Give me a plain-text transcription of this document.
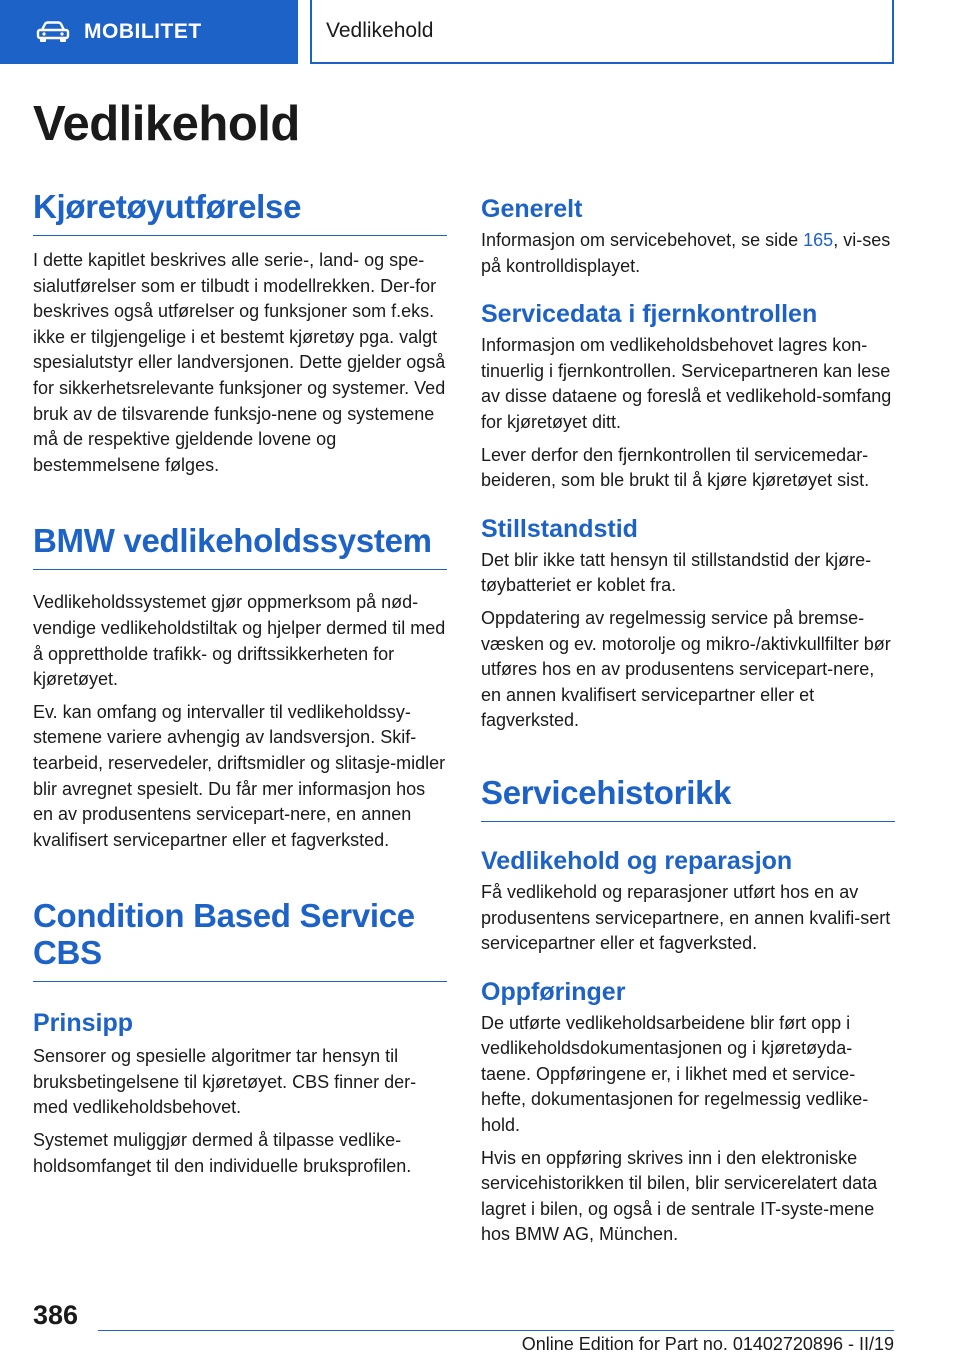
MOBILITET	Vedlikehold
Vedlikehold
Kjøretøyutførelse

I dette kapitlet beskrives alle serie-, land- og spe-sialutførelser som er tilbudt i modellrekken. Der-for beskrives også utførelser og funksjoner som f.eks. ikke er tilgjengelige i et bestemt kjøretøy pga. valgt spesialutstyr eller landversjonen. Dette gjelder også for sikkerhetsrelevante funksjoner og systemer. Ved bruk av de tilsvarende funksjo-nene og systemene må de respektive gjeldende lovene og bestemmelsene følges.

BMW vedlikeholdssystem

Vedlikeholdssystemet gjør oppmerksom på nød-vendige vedlikeholdstiltak og hjelper dermed til med å opprettholde trafikk- og driftssikkerheten for kjøretøyet.

Ev. kan omfang og intervaller til vedlikeholdssy-stemene variere avhengig av landsversjon. Skif-tearbeid, reservedeler, driftsmidler og slitasje-midler blir avregnet spesielt. Du får mer informasjon hos en av produsentens servicepart-nere, en annen kvalifisert servicepartner eller et fagverksted.

Condition Based Service CBS
Prinsipp

Sensorer og spesielle algoritmer tar hensyn til bruksbetingelsene til kjøretøyet. CBS finner der-med vedlikeholdsbehovet.

Systemet muliggjør dermed å tilpasse vedlike-holdsomfanget til den individuelle bruksprofilen.

Generelt

Informasjon om servicebehovet, se side 165, vi-ses på kontrolldisplayet.

Servicedata i fjernkontrollen

Informasjon om vedlikeholdsbehovet lagres kon-tinuerlig i fjernkontrollen. Servicepartneren kan lese av disse dataene og foreslå et vedlikehold-somfang for kjøretøyet ditt.

Lever derfor den fjernkontrollen til servicemedar-beideren, som ble brukt til å kjøre kjøretøyet sist.

Stillstandstid

Det blir ikke tatt hensyn til stillstandstid der kjøre-tøybatteriet er koblet fra.

Oppdatering av regelmessig service på bremse-væsken og ev. motorolje og mikro-/aktivkullfilter bør utføres hos en av produsentens servicepart-nere, en annen kvalifisert servicepartner eller et fagverksted.

Servicehistorikk
Vedlikehold og reparasjon

Få vedlikehold og reparasjoner utført hos en av produsentens servicepartnere, en annen kvalifi-sert servicepartner eller et fagverksted.

Oppføringer

De utførte vedlikeholdsarbeidene blir ført opp i vedlikeholdsdokumentasjonen og i kjøretøyda-taene. Oppføringene er, i likhet med et service-hefte, dokumentasjonen for regelmessig vedlike-hold.

Hvis en oppføring skrives inn i den elektroniske servicehistorikken til bilen, blir servicerelatert data lagret i bilen, og også i de sentrale IT-syste-mene hos BMW AG, München.

386
Online Edition for Part no. 01402720896 - II/19
